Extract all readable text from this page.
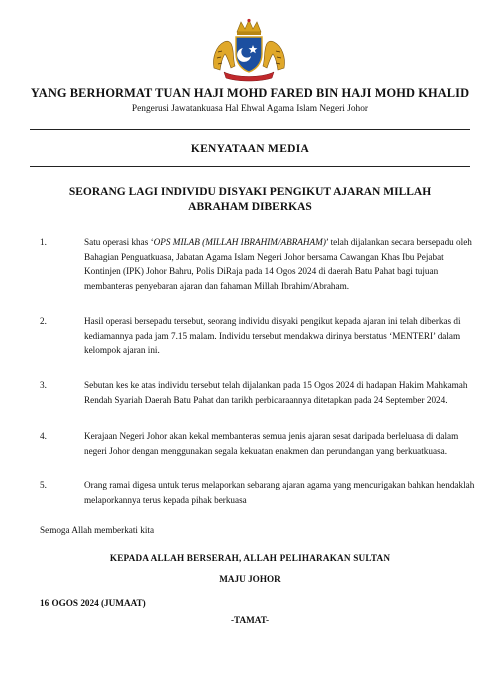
YANG BERHORMAT TUAN HAJI MOHD FARED BIN HAJI MOHD KHALID
Pengerusi Jawatankuasa Hal Ehwal Agama Islam Negeri Johor
KENYATAAN MEDIA
SEORANG LAGI INDIVIDU DISYAKI PENGIKUT AJARAN MILLAH
ABRAHAM DIBERKAS
1.	Satu operasi khas ‘OPS MILAB (MILLAH IBRAHIM/ABRAHAM)’ telah dijalankan secara bersepadu oleh
Bahagian Penguatkuasa, Jabatan Agama Islam Negeri Johor bersama Cawangan Khas Ibu Pejabat
Kontinjen (IPK) Johor Bahru, Polis DiRaja pada 14 Ogos 2024 di daerah Batu Pahat bagi tujuan
membanteras penyebaran ajaran dan fahaman Millah Ibrahim/Abraham.
2.	Hasil operasi bersepadu tersebut, seorang individu disyaki pengikut kepada ajaran ini telah diberkas di
kediamannya pada jam 7.15 malam. Individu tersebut mendakwa dirinya berstatus ‘MENTERI’ dalam
kelompok ajaran ini.
3.	Sebutan kes ke atas individu tersebut telah dijalankan pada 15 Ogos 2024 di hadapan Hakim Mahkamah
Rendah Syariah Daerah Batu Pahat dan tarikh perbicaraannya ditetapkan pada 24 September 2024.
4.	Kerajaan Negeri Johor akan kekal membanteras semua jenis ajaran sesat daripada berleluasa di dalam
negeri Johor dengan menggunakan segala kekuatan enakmen dan perundangan yang berkuatkuasa.
5.	Orang ramai digesa untuk terus melaporkan sebarang ajaran agama yang mencurigakan bahkan hendaklah
melaporkannya terus kepada pihak berkuasa
Semoga Allah memberkati kita
KEPADA ALLAH BERSERAH, ALLAH PELIHARAKAN SULTAN
MAJU JOHOR
16 OGOS 2024 (JUMAAT)
-TAMAT-
